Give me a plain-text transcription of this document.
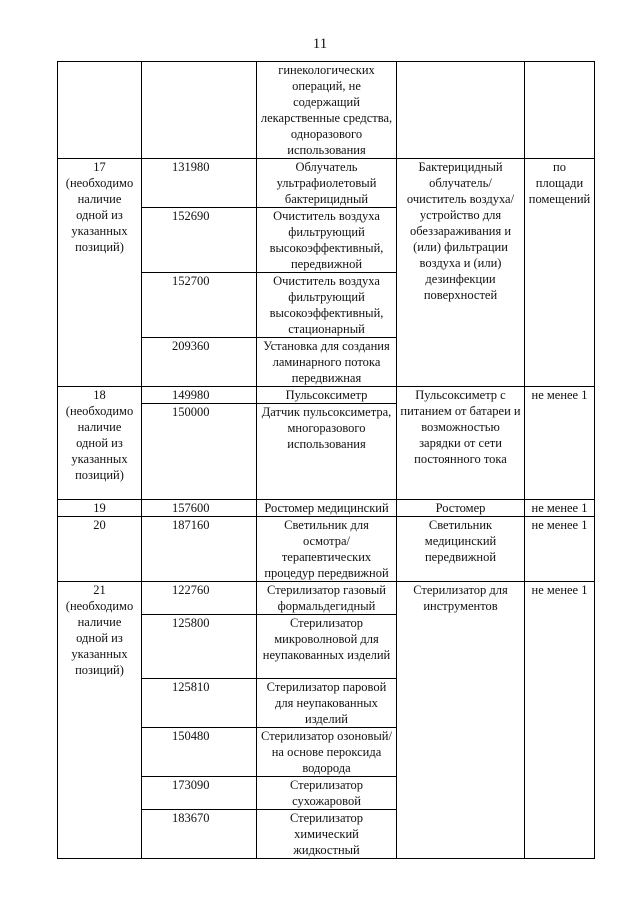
11
		гинекологических операций, не содержащий лекарственные средства, одноразового использования		
17 (необходимо наличие одной из указанных позиций)	131980	Облучатель ультрафиолетовый бактерицидный	Бактерицидный облучатель/ очиститель воздуха/ устройство для обеззараживания и (или) фильтрации воздуха и (или) дезинфекции поверхностей	по площади помещений
	152690	Очиститель воздуха фильтрующий высокоэффективный, передвижной		
	152700	Очиститель воздуха фильтрующий высокоэффективный, стационарный		
	209360	Установка для создания ламинарного потока передвижная		
18 (необходимо наличие одной из указанных позиций)	149980	Пульсоксиметр	Пульсоксиметр с питанием от батареи и возможностью зарядки от сети постоянного тока	не менее 1
	150000	Датчик пульсоксиметра, многоразового использования		
19	157600	Ростомер медицинский	Ростомер	не менее 1
20	187160	Светильник для осмотра/ терапевтических процедур передвижной	Светильник медицинский передвижной	не менее 1
21 (необходимо наличие одной из указанных позиций)	122760	Стерилизатор газовый формальдегидный	Стерилизатор для инструментов	не менее 1
	125800	Стерилизатор микроволновой для неупакованных изделий		
	125810	Стерилизатор паровой для неупакованных изделий		
	150480	Стерилизатор озоновый/на основе пероксида водорода		
	173090	Стерилизатор сухожаровой		
	183670	Стерилизатор химический жидкостный		
